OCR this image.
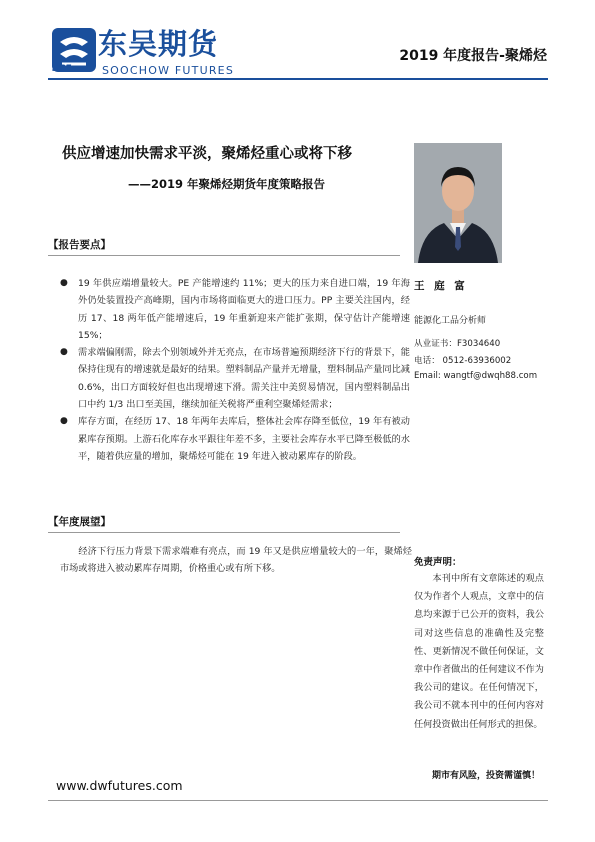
东吴期货
SCF	SOOCHOW FUTURES
2019 年度报告-聚烯烃
供应增速加快需求平淡，聚烯烃重心或将下移
——2019 年聚烯烃期货年度策略报告
【报告要点】
● 19 年供应端增量较大。PE 产能增速约 11%；更大的压力来自进口端，19 年海外仍处装置投产高峰期，国内市场将面临更大的进口压力。PP 主要关注国内，经历 17、18 两年低产能增速后，19 年重新迎来产能扩张期，保守估计产能增速 15%；
● 需求端偏刚需，除去个别领域外并无亮点，在市场普遍预期经济下行的背景下，能保持住现有的增速就是最好的结果。塑料制品产量并无增量，塑料制品产量同比减 0.6%，出口方面较好但也出现增速下滑。需关注中美贸易情况，国内塑料制品出口中约 1/3 出口至美国，继续加征关税将严重利空聚烯烃需求；
● 库存方面，在经历 17、18 年两年去库后，整体社会库存降至低位，19 年有被动累库存预期。上游石化库存水平跟往年差不多，主要社会库存水平已降至极低的水平，随着供应量的增加，聚烯烃可能在 19 年进入被动累库存的阶段。
【年度展望】

经济下行压力背景下需求端难有亮点，而 19 年又是供应增量较大的一年，聚烯烃市场或将进入被动累库存周期，价格重心或有所下移。

王 庭 富
能源化工品分析师
从业证书：F3034640
电话： 0512-63936002
Email: wangtf@dwqh88.com
免责声明：

本刊中所有文章陈述的观点仅为作者个人观点，文章中的信息均来源于已公开的资料，我公司对这些信息的准确性及完整性、更新情况不做任何保证，文章中作者做出的任何建议不作为我公司的建议。在任何情况下，我公司不就本刊中的任何内容对任何投资做出任何形式的担保。

期市有风险，投资需谨慎！
www.dwfutures.com
